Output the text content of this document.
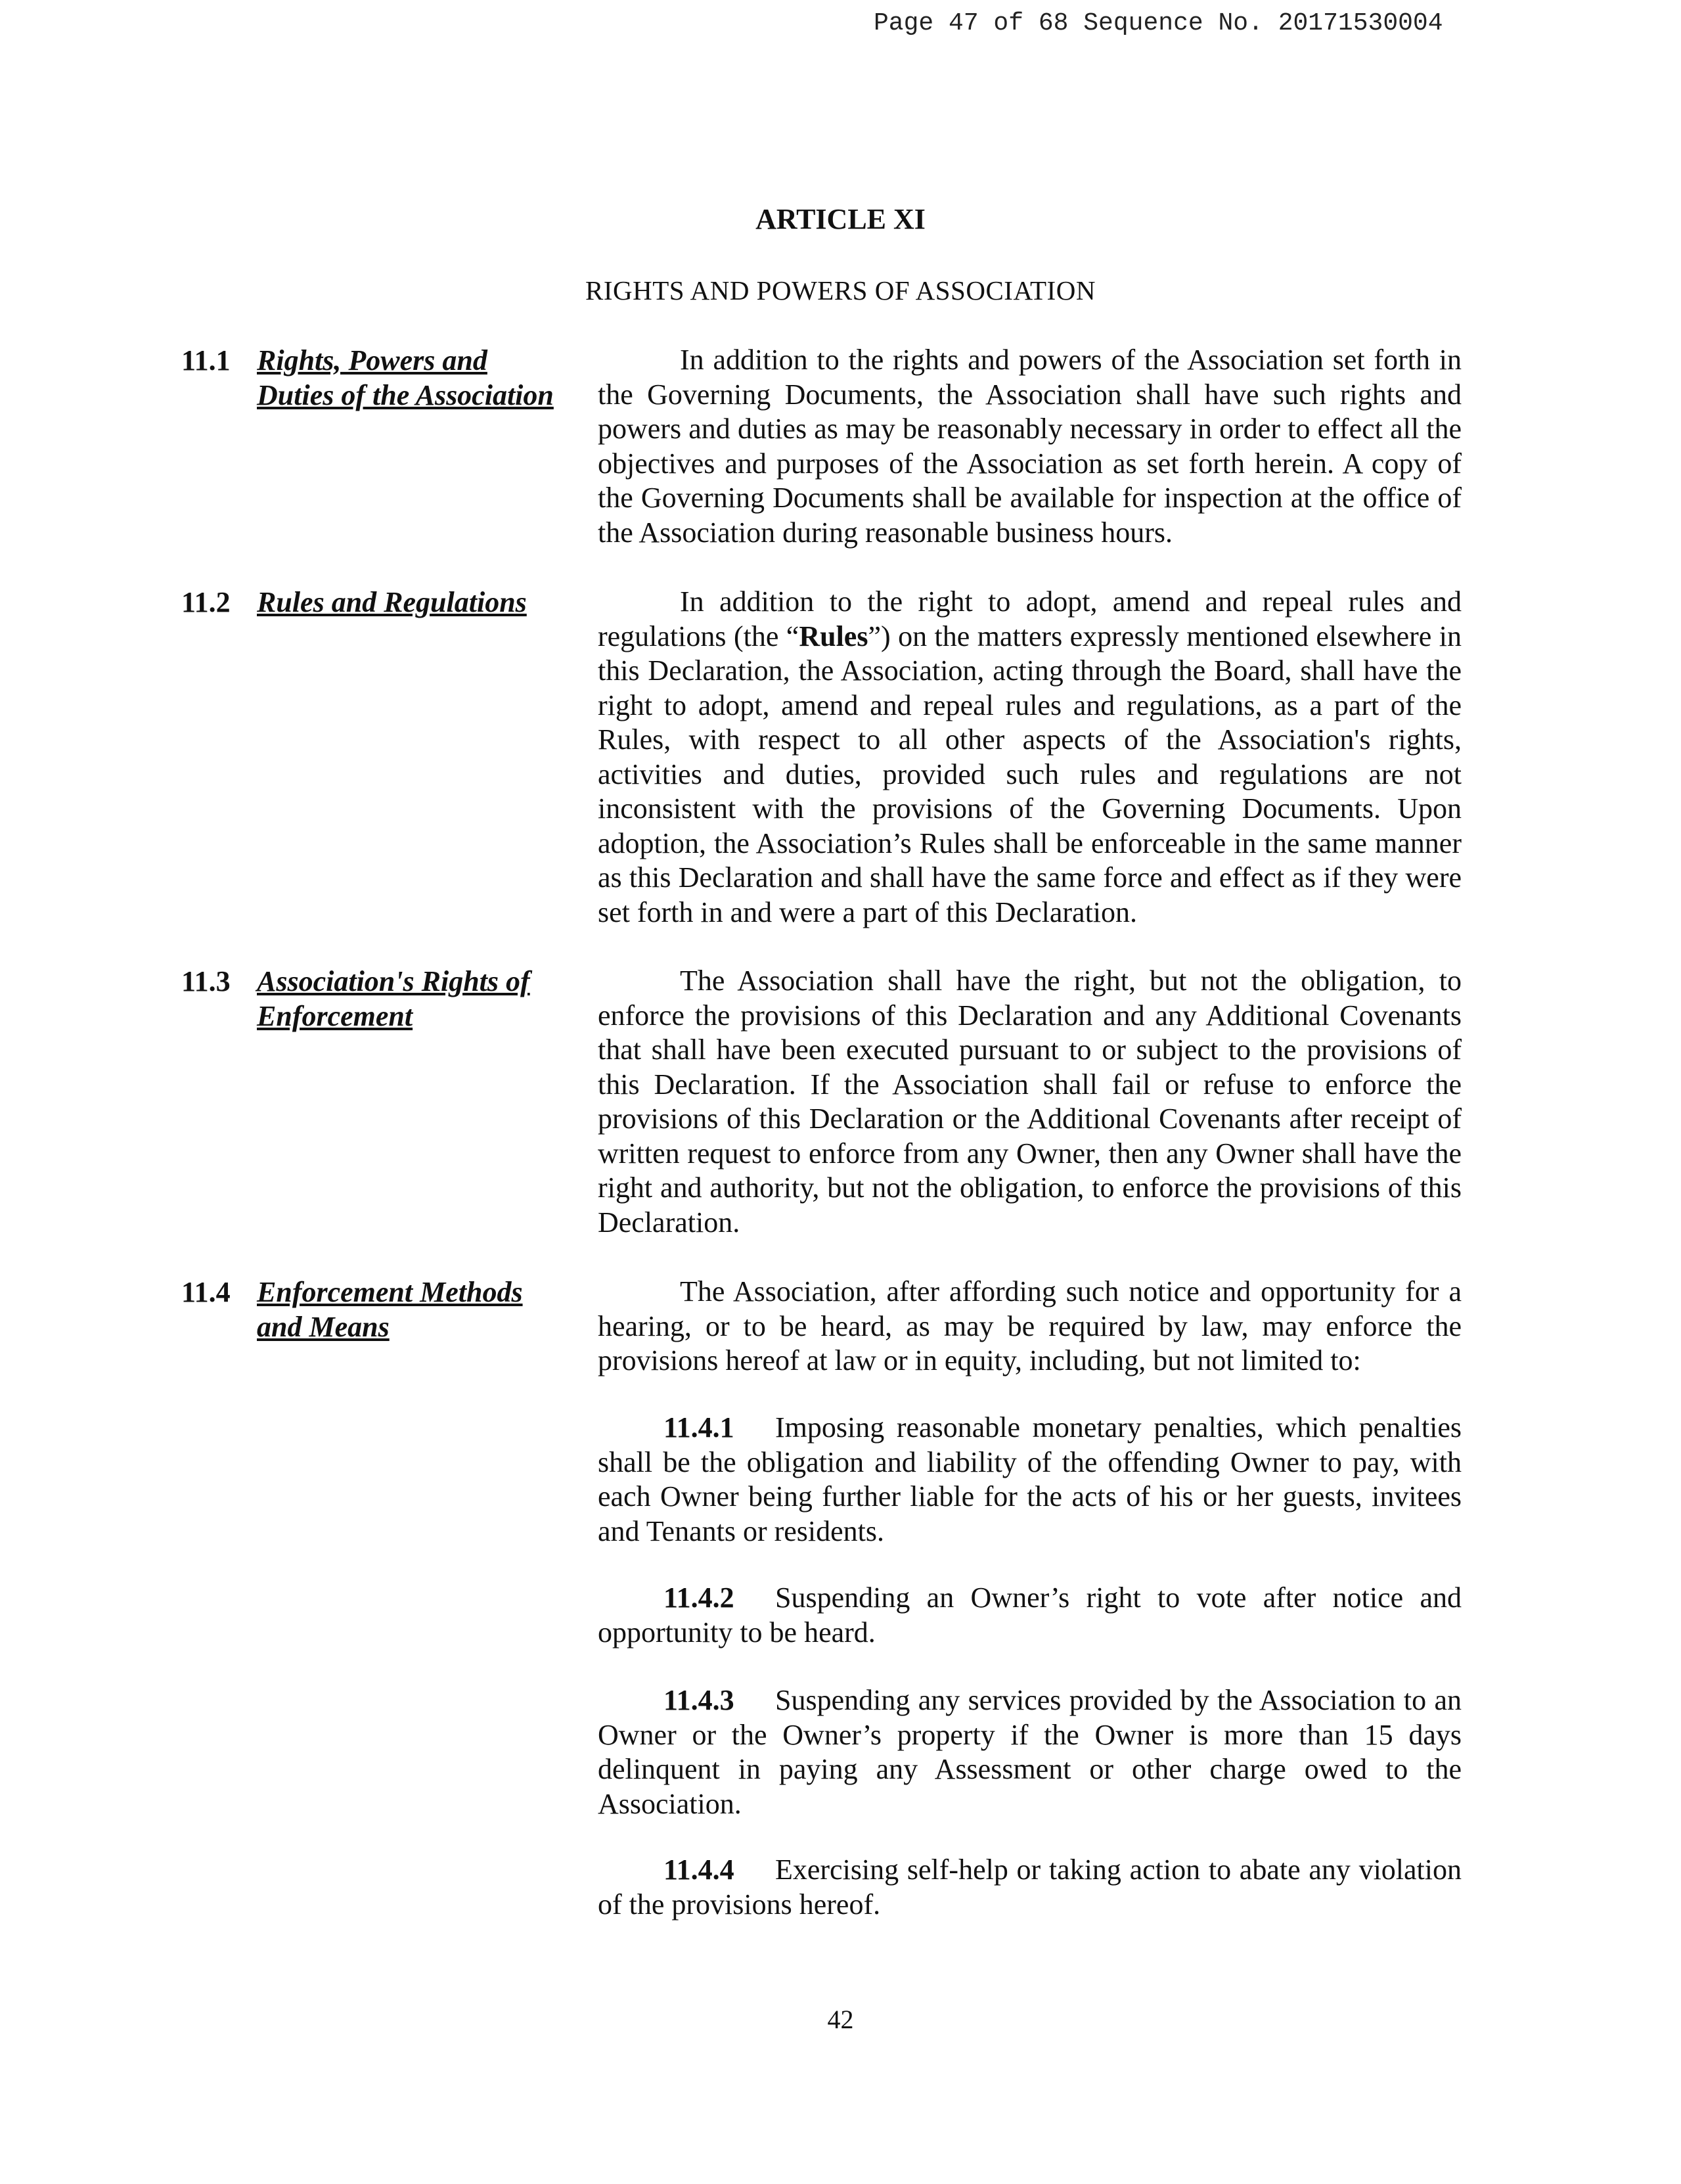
Page 47 of 68 Sequence No. 20171530004
ARTICLE XI
RIGHTS AND POWERS OF ASSOCIATION
11.1 Rights, Powers and
Duties of the Association
In addition to the rights and powers of the Association set forth in the Governing Documents, the Association shall have such rights and powers and duties as may be reasonably necessary in order to effect all the objectives and purposes of the Association as set forth herein. A copy of the Governing Documents shall be available for inspection at the office of the Association during reasonable business hours.
11.2 Rules and Regulations	In addition to the right to adopt, amend and repeal rules and regulations (the “Rules”) on the matters expressly mentioned elsewhere in this Declaration, the Association, acting through the Board, shall have the right to adopt, amend and repeal rules and regulations, as a part of the Rules, with respect to all other aspects of the Association's rights, activities and duties, provided such rules and regulations are not inconsistent with the provisions of the Governing Documents. Upon adoption, the Association’s Rules shall be enforceable in the same manner as this Declaration and shall have the same force and effect as if they were set forth in and were a part of this Declaration.
11.3 Association's Rights of
Enforcement
The Association shall have the right, but not the obligation, to enforce the provisions of this Declaration and any Additional Covenants that shall have been executed pursuant to or subject to the provisions of this Declaration. If the Association shall fail or refuse to enforce the provisions of this Declaration or the Additional Covenants after receipt of written request to enforce from any Owner, then any Owner shall have the right and authority, but not the obligation, to enforce the provisions of this Declaration.
11.4 Enforcement Methods
and Means
The Association, after affording such notice and opportunity for a hearing, or to be heard, as may be required by law, may enforce the provisions hereof at law or in equity, including, but not limited to:
11.4.1 Imposing reasonable monetary penalties, which penalties shall be the obligation and liability of the offending Owner to pay, with each Owner being further liable for the acts of his or her guests, invitees and Tenants or residents.
11.4.2 Suspending an Owner’s right to vote after notice and opportunity to be heard.
11.4.3 Suspending any services provided by the Association to an Owner or the Owner’s property if the Owner is more than 15 days delinquent in paying any Assessment or other charge owed to the Association.
11.4.4 Exercising self-help or taking action to abate any violation of the provisions hereof.
42
